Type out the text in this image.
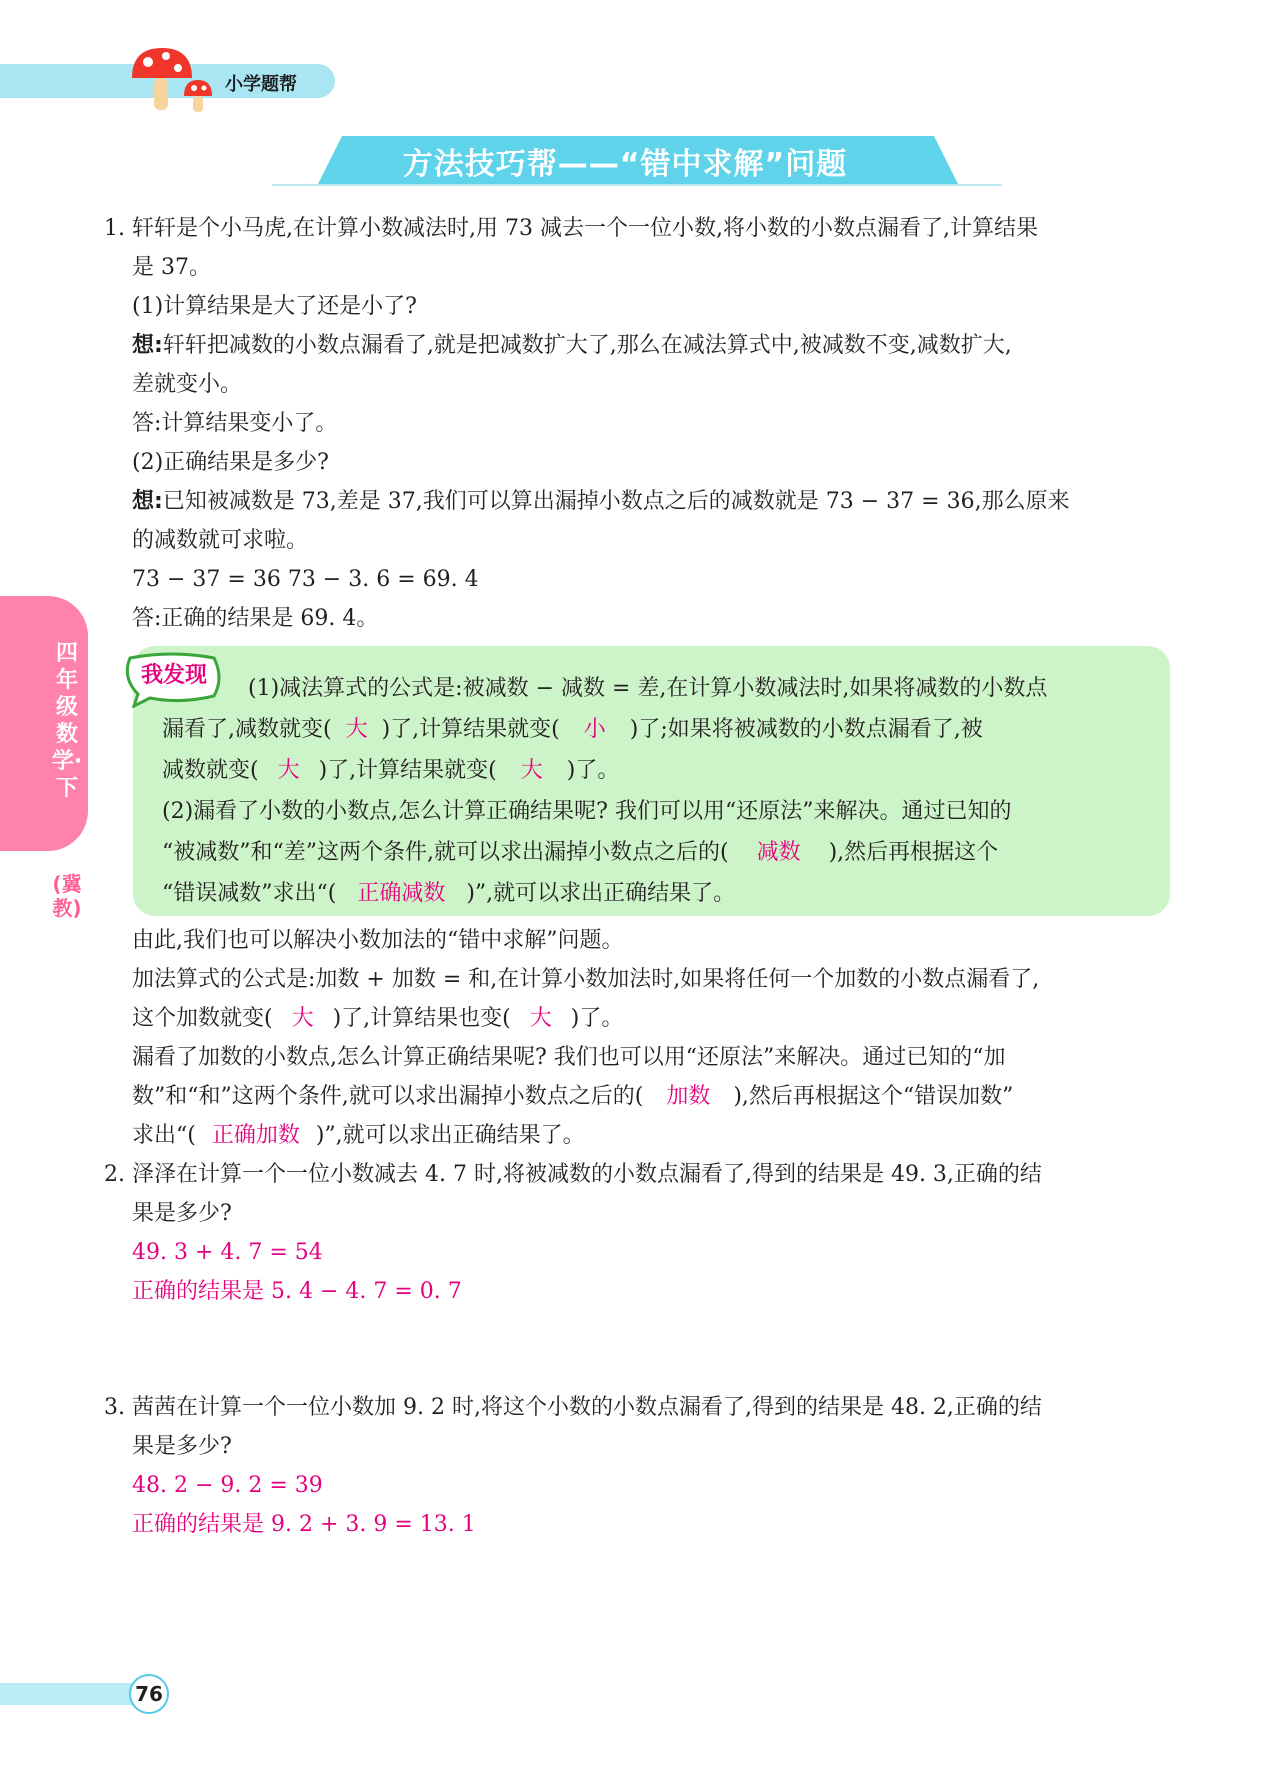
小学题帮
方法技巧帮——“错中求解”问题
四年级数学·下
(冀教)
1. 轩轩是个小马虎,在计算小数减法时,用 73 减去一个一位小数,将小数的小数点漏看了,计算结果
是 37。
(1)计算结果是大了还是小了?
想:轩轩把减数的小数点漏看了,就是把减数扩大了,那么在减法算式中,被减数不变,减数扩大,
差就变小。
答:计算结果变小了。
(2)正确结果是多少?
想:已知被减数是 73,差是 37,我们可以算出漏掉小数点之后的减数就是 73 − 37 = 36,那么原来
的减数就可求啦。
73 − 37 = 36 73 − 3. 6 = 69. 4
答:正确的结果是 69. 4。
我发现
(1)减法算式的公式是:被减数 − 减数 = 差,在计算小数减法时,如果将减数的小数点
漏看了,减数就变( 大 )了,计算结果就变( 小 )了;如果将被减数的小数点漏看了,被
减数就变( 大 )了,计算结果就变( 大 )了。
(2)漏看了小数的小数点,怎么计算正确结果呢? 我们可以用“还原法”来解决。通过已知的
“被减数”和“差”这两个条件,就可以求出漏掉小数点之后的( 减数 ),然后再根据这个
“错误减数”求出“( 正确减数 )”,就可以求出正确结果了。
由此,我们也可以解决小数加法的“错中求解”问题。
加法算式的公式是:加数 + 加数 = 和,在计算小数加法时,如果将任何一个加数的小数点漏看了,
这个加数就变( 大 )了,计算结果也变( 大 )了。
漏看了加数的小数点,怎么计算正确结果呢? 我们也可以用“还原法”来解决。通过已知的“加
数”和“和”这两个条件,就可以求出漏掉小数点之后的( 加数 ),然后再根据这个“错误加数”
求出“( 正确加数 )”,就可以求出正确结果了。
2. 泽泽在计算一个一位小数减去 4. 7 时,将被减数的小数点漏看了,得到的结果是 49. 3,正确的结
果是多少?
49. 3 + 4. 7 = 54
正确的结果是 5. 4 − 4. 7 = 0. 7
3. 茜茜在计算一个一位小数加 9. 2 时,将这个小数的小数点漏看了,得到的结果是 48. 2,正确的结
果是多少?
48. 2 − 9. 2 = 39
正确的结果是 9. 2 + 3. 9 = 13. 1
76
